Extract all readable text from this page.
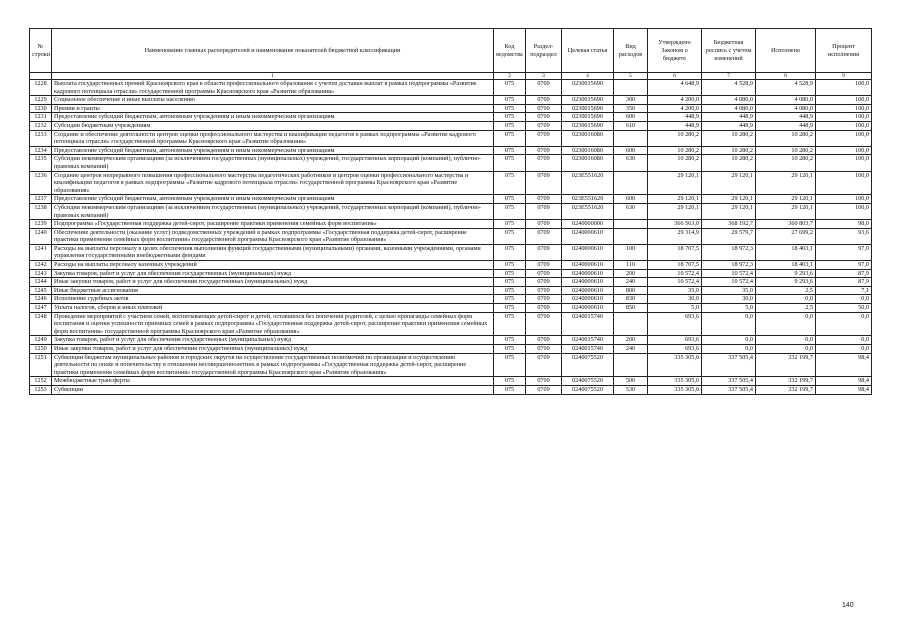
№ строки	Наименование главных распорядителей и наименование показателей бюджетной классификации	Код ведомства	Раздел-подраздел	Целевая статья	Вид расходов	Утверждено Законом о бюджете	Бюджетная роспись с учетом изменений	Исполнено	Процент исполнения
	1	2	3	4	5	6	7	8	9
1228	Выплата государственных премий Красноярского края в области профессионального образования с учетом доставки выплат в рамках подпрограммы «Развитие кадрового потенциала отрасли» государственной программы Красноярского края «Развитие образования»	075	0709	0230015690		4 648,9	4 528,9	4 528,9	100,0
1229	Социальное обеспечение и иные выплаты населению	075	0709	0230015690	300	4 200,0	4 080,0	4 080,0	100,0
1230	Премии и гранты	075	0709	0230015690	350	4 200,0	4 080,0	4 080,0	100,0
1231	Предоставление субсидий бюджетным, автономным учреждениям и иным некоммерческим организациям	075	0709	0230015690	600	448,9	448,9	448,9	100,0
1232	Субсидии бюджетным учреждениям	075	0709	0230015690	610	448,9	448,9	448,9	100,0
1233	Создание и обеспечение деятельности центров оценки профессионального мастерства и квалификации педагогов в рамках подпрограммы «Развитие кадрового потенциала отрасли» государственной программы Красноярского края «Развитие образования»	075	0709	0230016080		10 280,2	10 280,2	10 280,2	100,0
1234	Предоставление субсидий бюджетным, автономным учреждениям и иным некоммерческим организациям	075	0709	0230016080	600	10 280,2	10 280,2	10 280,2	100,0
1235	Субсидии некоммерческим организациям (за исключением государственных (муниципальных) учреждений, государственных корпораций (компаний), публично-правовых компаний)	075	0709	0230016080	630	10 280,2	10 280,2	10 280,2	100,0
1236	Создание центров непрерывного повышения профессионального мастерства педагогических работников и центров оценки профессионального мастерства и квалификации педагогов в рамках подпрограммы «Развитие кадрового потенциала отрасли» государственной программы Красноярского края «Развитие образования»	075	0709	023E551620		29 120,1	29 120,1	29 120,1	100,0
1237	Предоставление субсидий бюджетным, автономным учреждениям и иным некоммерческим организациям	075	0709	023E551620	600	29 120,1	29 120,1	29 120,1	100,0
1238	Субсидии некоммерческим организациям (за исключением государственных (муниципальных) учреждений, государственных корпораций (компаний), публично-правовых компаний)	075	0709	023E551620	630	29 120,1	29 120,1	29 120,1	100,0
1239	Подпрограмма «Государственная поддержка детей-сирот, расширение практики применения семейных форм воспитания»	075	0709	0240000000		366 563,0	368 192,7	360 803,7	98,0
1240	Обеспечение деятельности (оказание услуг) подведомственных учреждений в рамках подпрограммы «Государственная поддержка детей-сирот, расширение практики применения семейных форм воспитания» государственной программы Красноярского края «Развитие образования»	075	0709	0240000610		29 314,9	29 579,7	27 699,2	93,6
1241	Расходы на выплаты персоналу в целях обеспечения выполнения функций государственными (муниципальными) органами, казенными учреждениями, органами управления государственными внебюджетными фондами	075	0709	0240000610	100	18 707,5	18 972,3	18 403,1	97,0
1242	Расходы на выплаты персоналу казенных учреждений	075	0709	0240000610	110	18 707,5	18 972,3	18 403,1	97,0
1243	Закупка товаров, работ и услуг для обеспечения государственных (муниципальных) нужд	075	0709	0240000610	200	10 572,4	10 572,4	9 293,6	87,9
1244	Иные закупки товаров, работ и услуг для обеспечения государственных (муниципальных) нужд	075	0709	0240000610	240	10 572,4	10 572,4	9 293,6	87,9
1245	Иные бюджетные ассигнования	075	0709	0240000610	800	35,0	35,0	2,5	7,1
1246	Исполнение судебных актов	075	0709	0240000610	830	30,0	30,0	0,0	0,0
1247	Уплата налогов, сборов и иных платежей	075	0709	0240000610	850	5,0	5,0	2,5	50,0
1248	Проведение мероприятий с участием семей, воспитывающих детей-сирот и детей, оставшихся без попечения родителей, с целью пропаганды семейных форм воспитания и оценки успешности приемных семей в рамках подпрограммы «Государственная поддержка детей-сирот, расширение практики применения семейных форм воспитания» государственной программы Красноярского края «Развитие образования»	075	0709	0240015740		693,6	0,0	0,0	0,0
1249	Закупка товаров, работ и услуг для обеспечения государственных (муниципальных) нужд	075	0709	0240015740	200	693,6	0,0	0,0	0,0
1250	Иные закупки товаров, работ и услуг для обеспечения государственных (муниципальных) нужд	075	0709	0240015740	240	693,6	0,0	0,0	0,0
1251	Субвенции бюджетам муниципальных районов и городских округов на осуществление государственных полномочий по организации и осуществлению деятельности по опеке и попечительству в отношении несовершеннолетних в рамках подпрограммы «Государственная поддержка детей-сирот, расширение практики применения семейных форм воспитания» государственной программы Красноярского края «Развитие образования»	075	0709	0240075520		335 305,0	337 505,4	332 199,7	98,4
1252	Межбюджетные трансферты	075	0709	0240075520	500	335 305,0	337 505,4	332 199,7	98,4
1253	Субвенции	075	0709	0240075520	530	335 305,0	337 505,4	332 199,7	98,4
140
